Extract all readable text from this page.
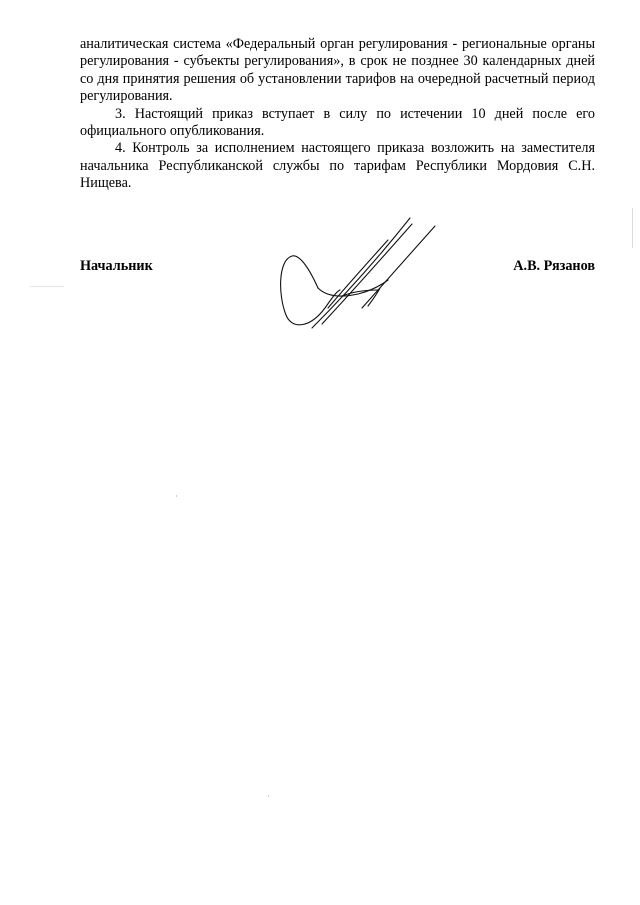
аналитическая система «Федеральный орган регулирования - региональные органы регулирования - субъекты регулирования», в срок не позднее 30 календарных дней со дня принятия решения об установлении тарифов на очередной расчетный период регулирования.

3. Настоящий приказ вступает в силу по истечении 10 дней после его официального опубликования.

4. Контроль за исполнением настоящего приказа возложить на заместителя начальника Республиканской службы по тарифам Республики Мордовия С.Н. Нищева.

Начальник	А.В. Рязанов
